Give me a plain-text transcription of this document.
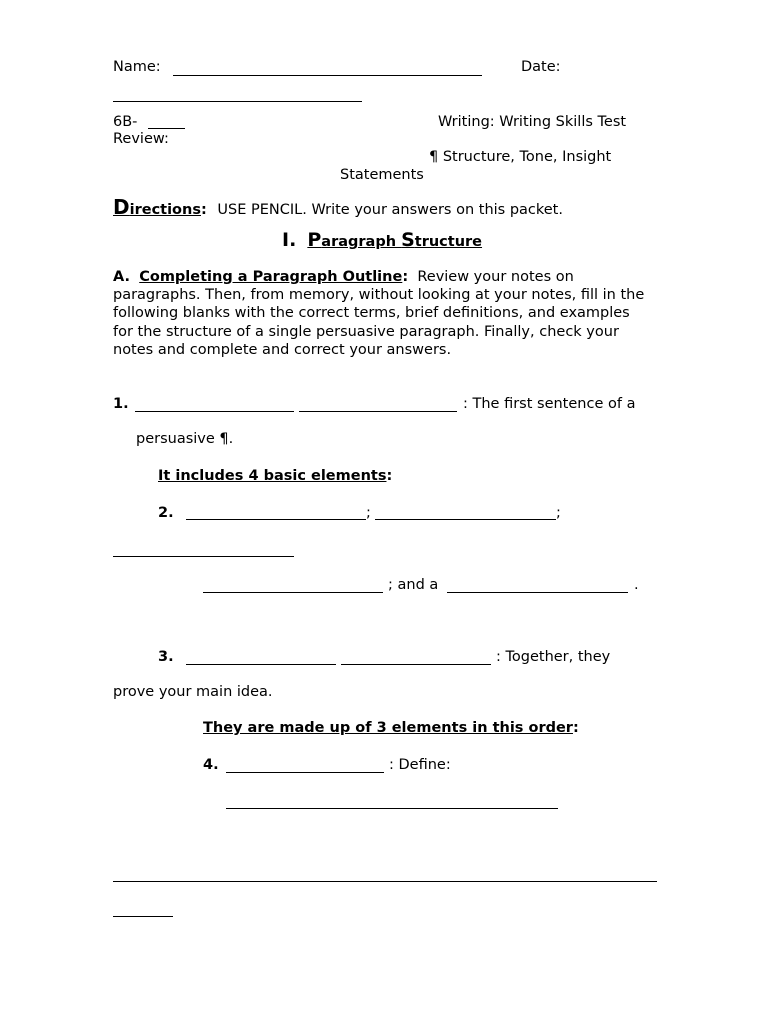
Name:	Date:
6B-
Review:
Writing: Writing Skills Test
¶ Structure, Tone, Insight
Statements
Directions: USE PENCIL. Write your answers on this packet.
I. Paragraph Structure
A. Completing a Paragraph Outline: Review your notes on paragraphs. Then, from memory, without looking at your notes, fill in the following blanks with the correct terms, brief definitions, and examples for the structure of a single persuasive paragraph. Finally, check your notes and complete and correct your answers.
1.	: The first sentence of a
persuasive ¶.
It includes 4 basic elements:
2.	;	;
; and a	.
3.	: Together, they
prove your main idea.
They are made up of 3 elements in this order:
4.	: Define:
